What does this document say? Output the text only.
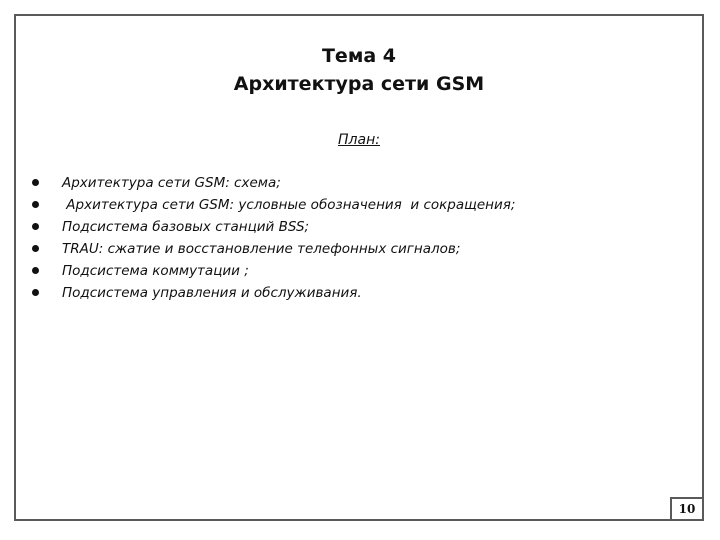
Тема 4
Архитектура сети GSM
План:
Архитектура сети GSM: схема;
Архитектура сети GSM: условные обозначения  и сокращения;
Подсистема базовых станций BSS;
TRAU: сжатие и восстановление телефонных сигналов;
Подсистема коммутации ;
Подсистема управления и обслуживания.
10
